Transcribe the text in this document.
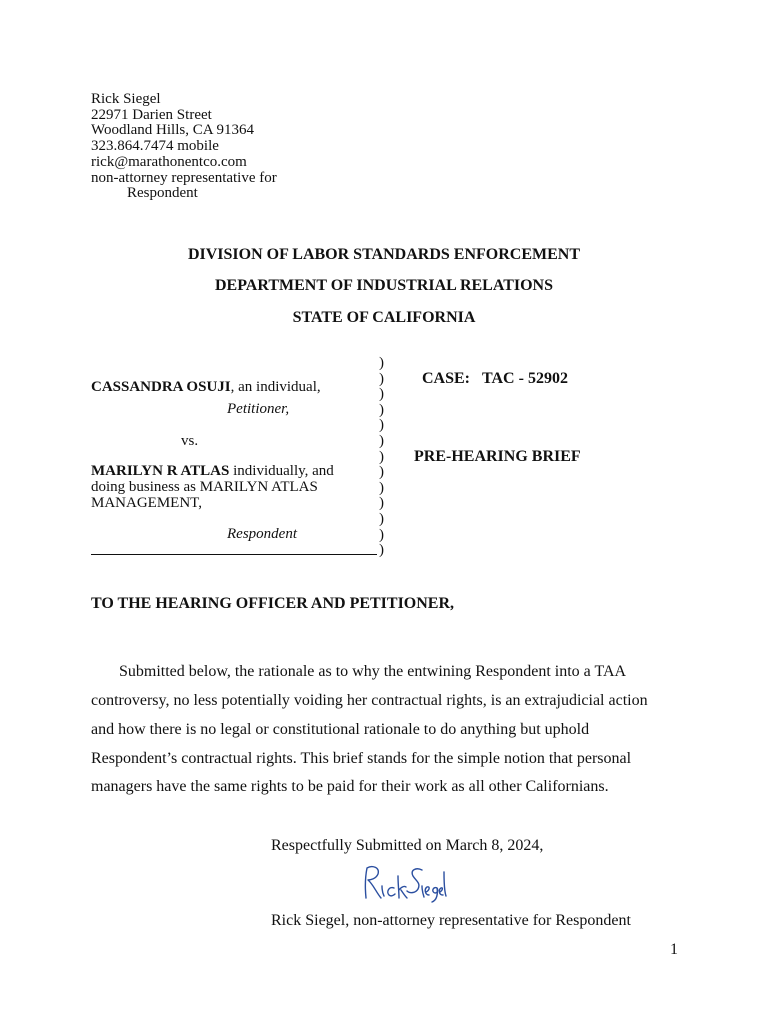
Rick Siegel
22971 Darien Street
Woodland Hills, CA 91364
323.864.7474 mobile
rick@marathonentco.com
non-attorney representative for
Respondent
DIVISION OF LABOR STANDARDS ENFORCEMENT
DEPARTMENT OF INDUSTRIAL RELATIONS
STATE OF CALIFORNIA
CASSANDRA OSUJI, an individual,
Petitioner,
vs.
MARILYN R ATLAS individually, and
doing business as MARILYN ATLAS
MANAGEMENT,
Respondent
)
)
)
)
)
)
)
)
)
)
)
)
)
CASE: TAC - 52902
PRE-HEARING BRIEF
TO THE HEARING OFFICER AND PETITIONER,
Submitted below, the rationale as to why the entwining Respondent into a TAA
controversy, no less potentially voiding her contractual rights, is an extrajudicial action
and how there is no legal or constitutional rationale to do anything but uphold
Respondent’s contractual rights. This brief stands for the simple notion that personal
managers have the same rights to be paid for their work as all other Californians.
Respectfully Submitted on March 8, 2024,
Rick Siegel, non-attorney representative for Respondent
1
